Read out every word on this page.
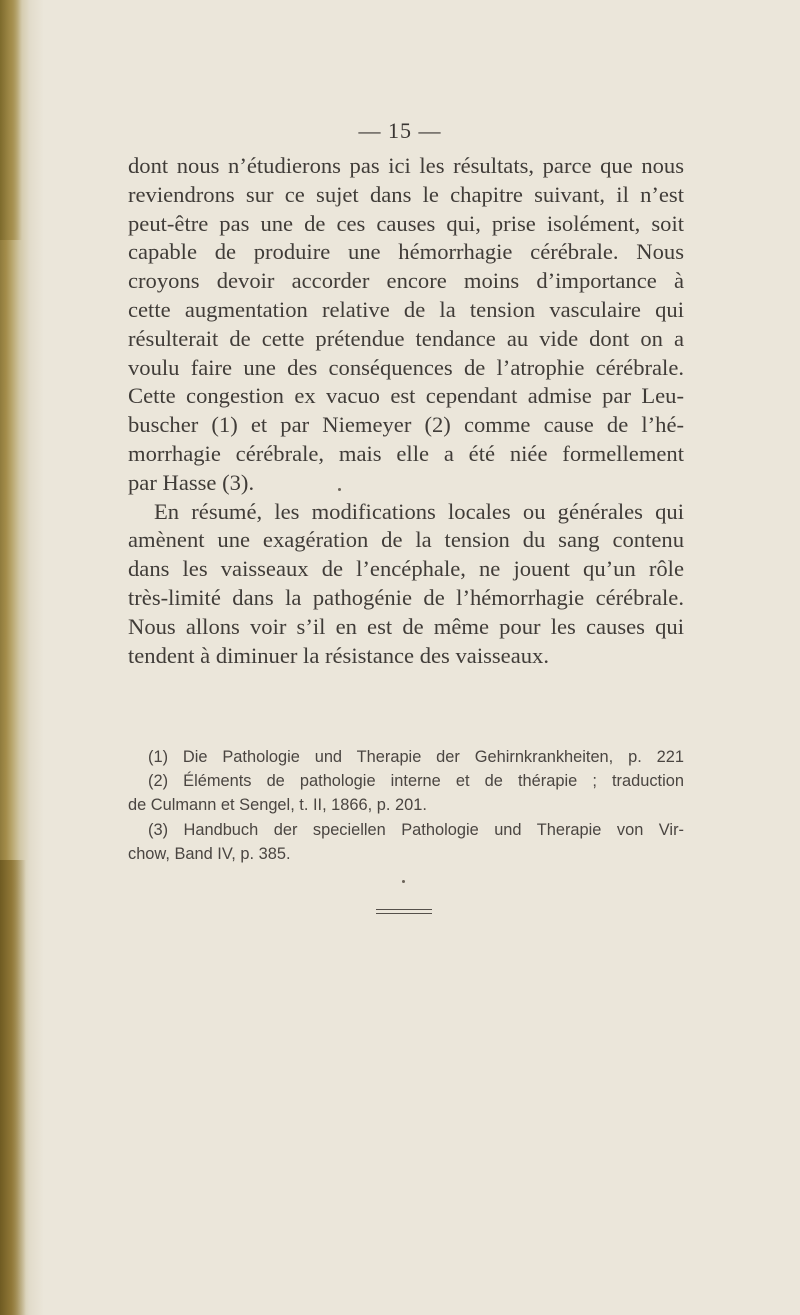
— 15 —
dont nous n’étudierons pas ici les résultats, parce que nous
reviendrons sur ce sujet dans le chapitre suivant, il n’est
peut-être pas une de ces causes qui, prise isolément, soit
capable de produire une hémorrhagie cérébrale. Nous
croyons devoir accorder encore moins d’importance à
cette augmentation relative de la tension vasculaire qui
résulterait de cette prétendue tendance au vide dont on a
voulu faire une des conséquences de l’atrophie cérébrale.
Cette congestion ex vacuo est cependant admise par Leu-
buscher (1) et par Niemeyer (2) comme cause de l’hé-
morrhagie cérébrale, mais elle a été niée formellement
par Hasse (3).
En résumé, les modifications locales ou générales qui
amènent une exagération de la tension du sang contenu
dans les vaisseaux de l’encéphale, ne jouent qu’un rôle
très-limité dans la pathogénie de l’hémorrhagie cérébrale.
Nous allons voir s’il en est de même pour les causes qui
tendent à diminuer la résistance des vaisseaux.
(1) Die Pathologie und Therapie der Gehirnkrankheiten, p. 221
(2) Éléments de pathologie interne et de thérapie ; traduction
de Culmann et Sengel, t. II, 1866, p. 201.
(3) Handbuch der speciellen Pathologie und Therapie von Vir-
chow, Band IV, p. 385.
